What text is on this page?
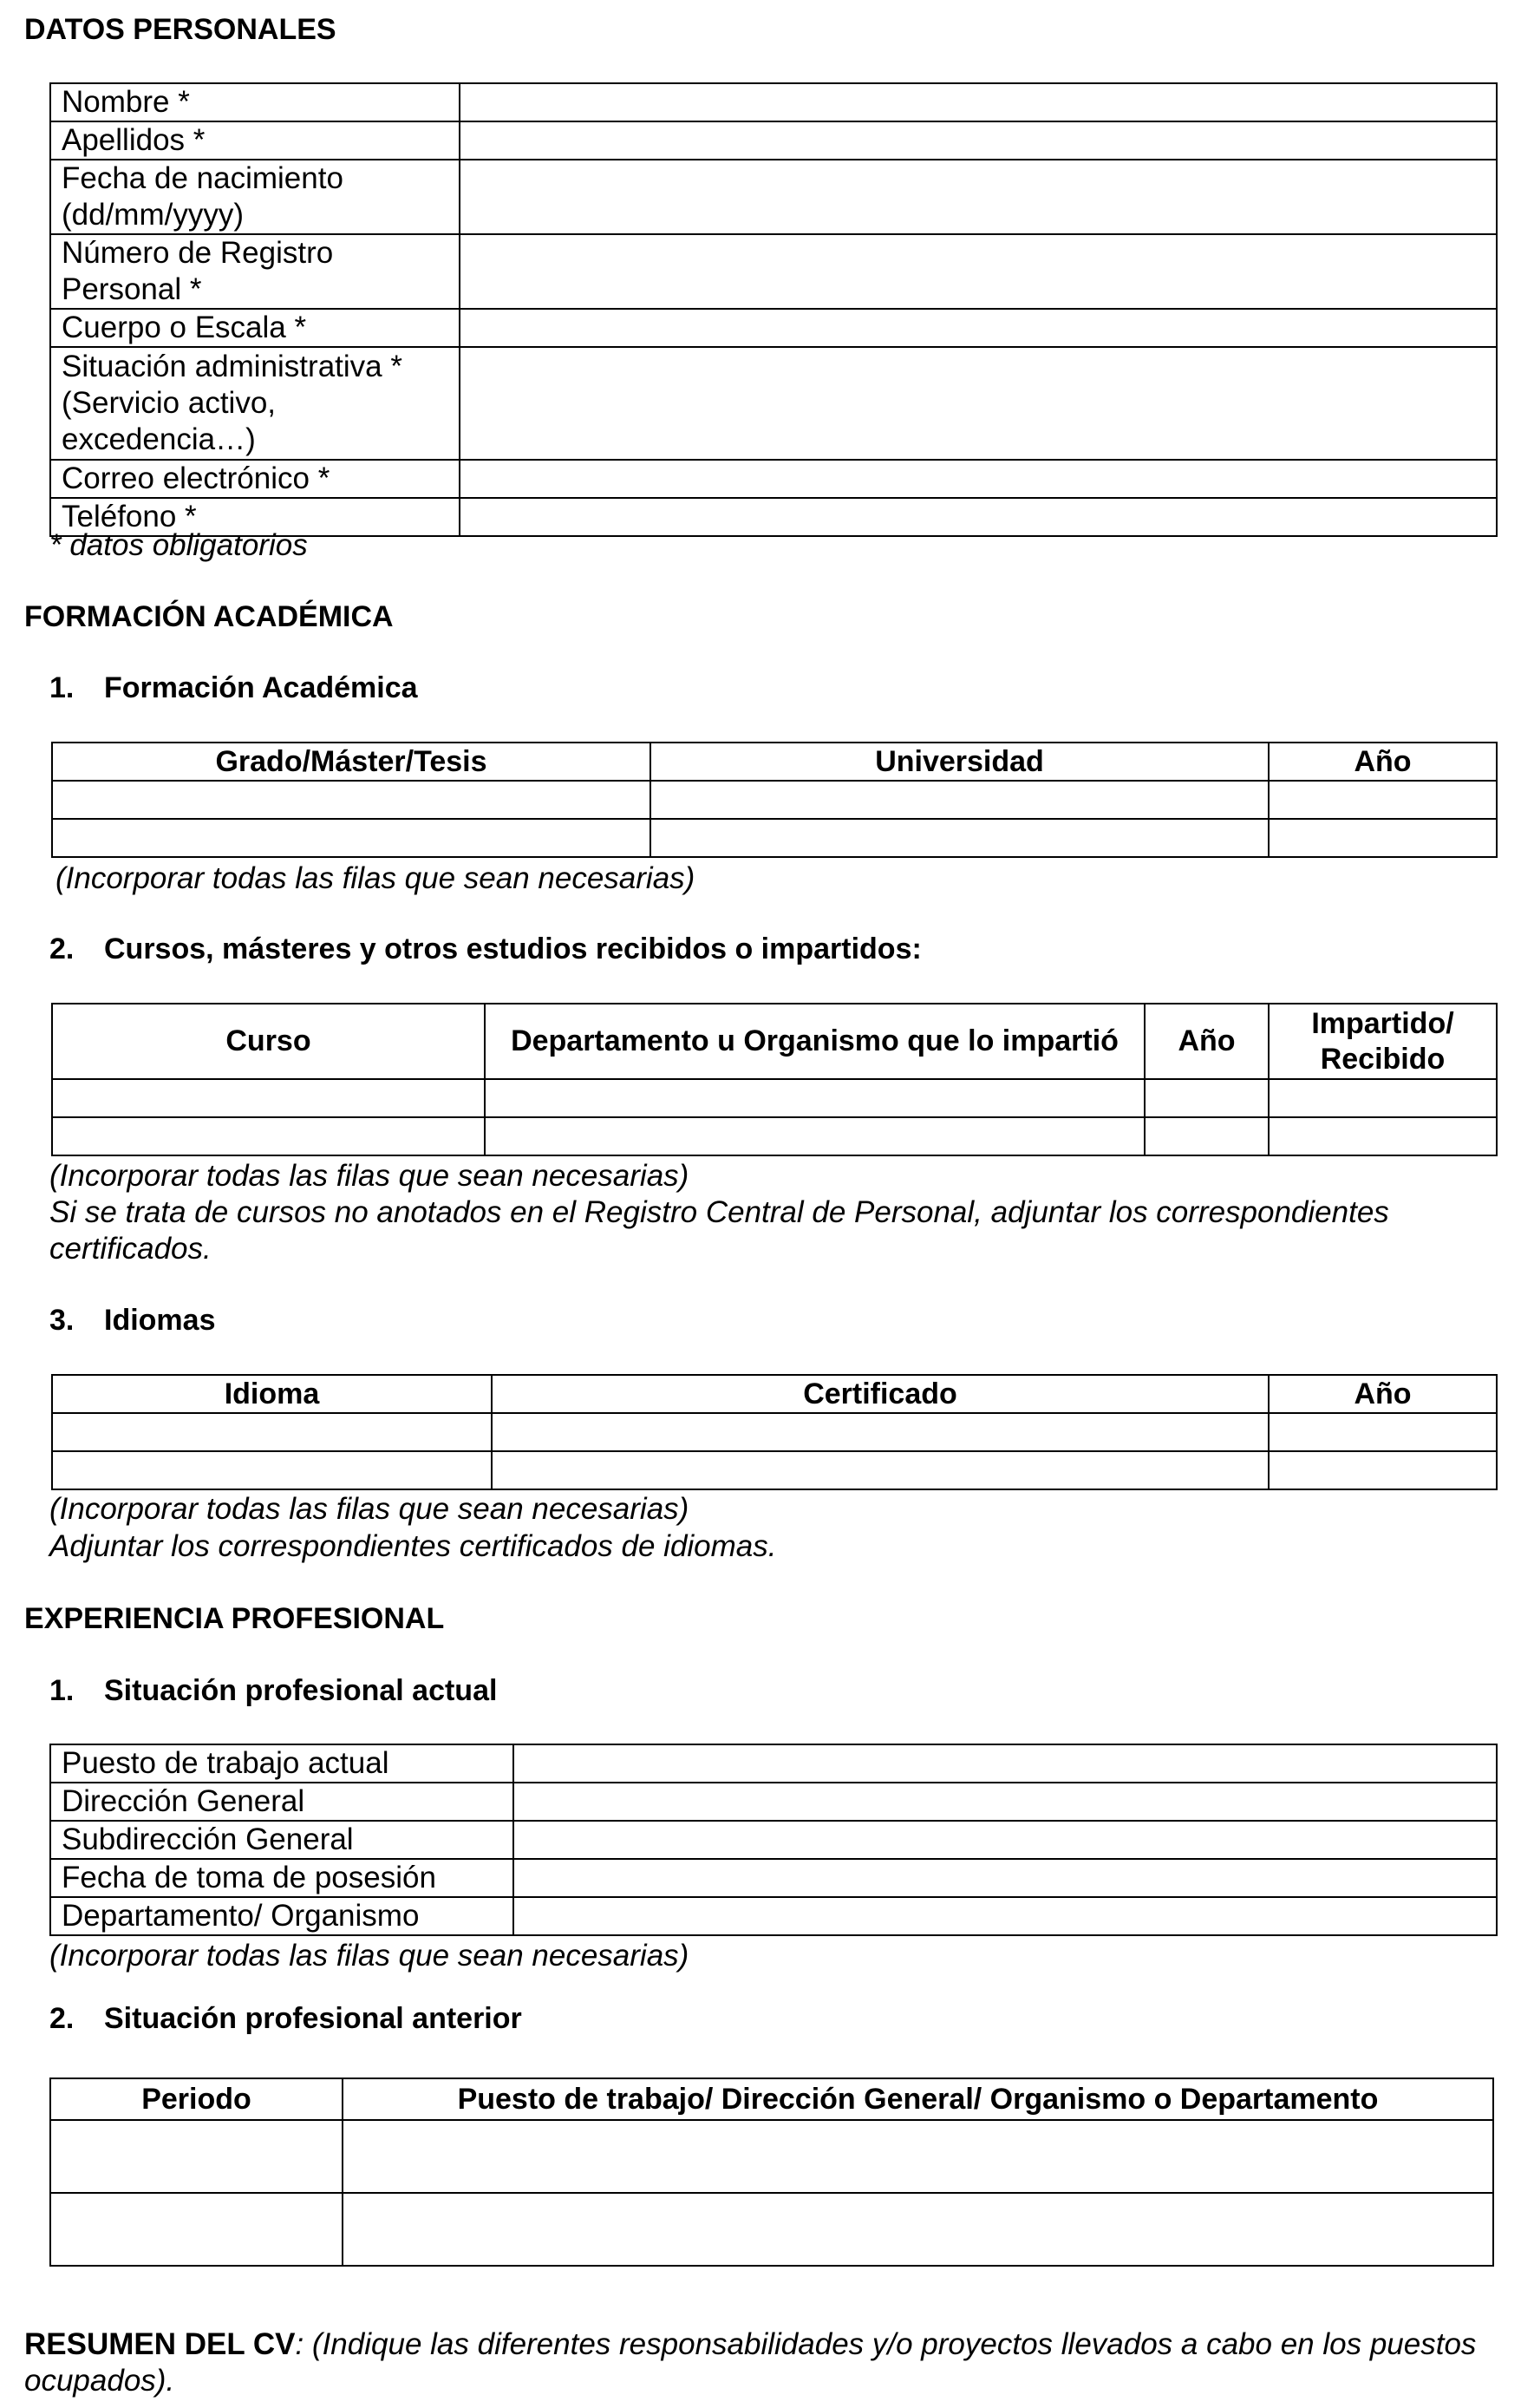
DATOS PERSONALES
Nombre *	
Apellidos *	
Fecha de nacimiento (dd/mm/yyyy)	
Número de Registro Personal *	
Cuerpo o Escala *	
Situación administrativa * (Servicio activo, excedencia…)	
Correo electrónico *	
Teléfono *	
* datos obligatorios
FORMACIÓN ACADÉMICA
1. Formación Académica
Grado/Máster/Tesis	Universidad	Año

(Incorporar todas las filas que sean necesarias)
2. Cursos, másteres y otros estudios recibidos o impartidos:
Curso	Departamento u Organismo que lo impartió	Año	Impartido/ Recibido

(Incorporar todas las filas que sean necesarias)
Si se trata de cursos no anotados en el Registro Central de Personal, adjuntar los correspondientes certificados.
3. Idiomas
Idioma	Certificado	Año

(Incorporar todas las filas que sean necesarias)
Adjuntar los correspondientes certificados de idiomas.
EXPERIENCIA PROFESIONAL
1. Situación profesional actual
Puesto de trabajo actual	
Dirección General	
Subdirección General	
Fecha de toma de posesión	
Departamento/ Organismo	
(Incorporar todas las filas que sean necesarias)
2. Situación profesional anterior
Periodo	Puesto de trabajo/ Dirección General/ Organismo o Departamento

RESUMEN DEL CV: (Indique las diferentes responsabilidades y/o proyectos llevados a cabo en los puestos ocupados).
